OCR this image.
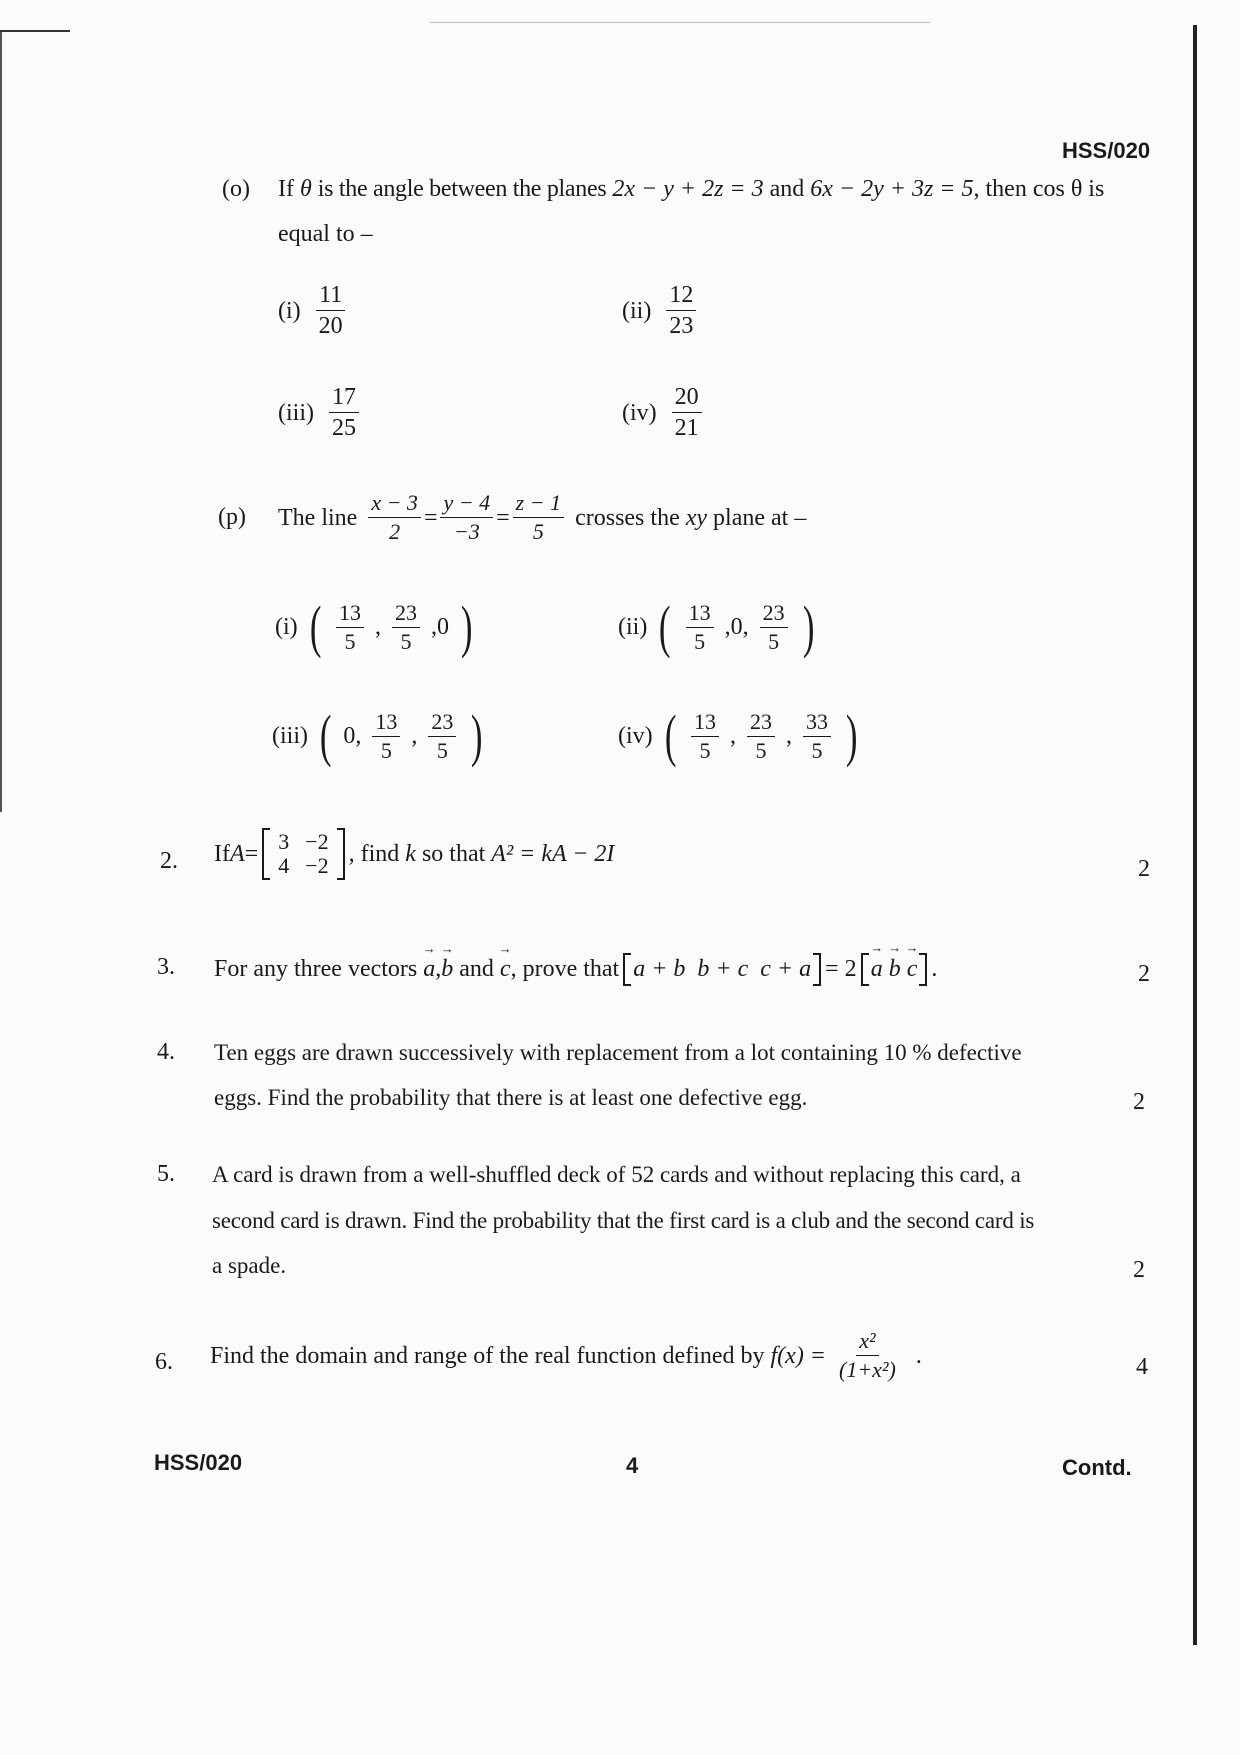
HSS/020
(o) If θ is the angle between the planes 2x − y + 2z = 3 and 6x − 2y + 3z = 5, then cos θ is
equal to –
$(i) \frac{11}{20}$	$(ii) \frac{12}{23}$
$(iii) \frac{17}{25}$	$(iv) \frac{20}{21}$
(p) The line $\frac{x - 3}{2} = \frac{y - 4}{-3} = \frac{z - 1}{5}$ crosses the
xy
plane at –
(i) ( $\frac{13}{5}$ , $\frac{23}{5} ,0$ )	(ii) ( $\frac{13}{5} ,0$, $\frac{23}{5}$ )
(iii) ( 0, $\frac{13}{5}$ , $\frac{23}{5}$ )	(iv) ( $\frac{13}{5}$ , $\frac{23}{5}$ , $\frac{33}{5}$ )
2. If A = 3	−2
4	−2 , find
k
so that
A² = kA − 2I
2
3. For any three vectors
a → , b →
and
c → , prove that a + b b + c c + a = 2 a → b → c → .	2
4. Ten eggs are drawn successively with replacement from a lot containing 10 % defective
eggs. Find the probability that there is at least one defective egg.	2
5. A card is drawn from a well-shuffled deck of 52 cards and without replacing this card, a
second card is drawn. Find the probability that the first card is a club and the second card is
a spade.	2
6. Find the domain and range of the real function defined by
$f(x) = \frac{\text{x²}}{\text{(1+x²)}}$ .	4
HSS/020	4	Contd.
